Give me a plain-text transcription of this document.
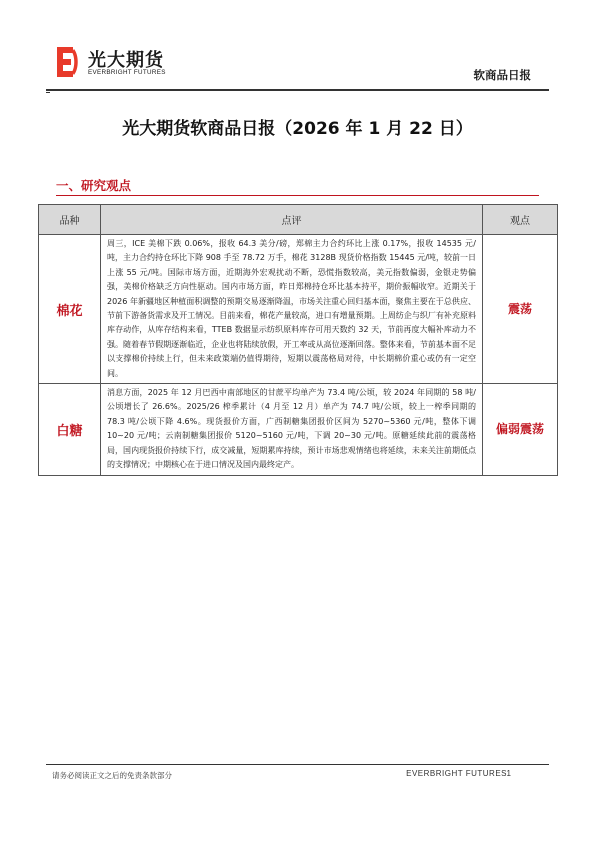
光大期货
EVERBRIGHT FUTURES	软商品日报
光大期货软商品日报（2026 年 1 月 22 日）
一、研究观点
品种	点评	观点
棉花	周三，ICE 美棉下跌 0.06%，报收 64.3 美分/磅，郑棉主力合约环比上涨 0.17%，报收 14535 元/吨，主力合约持仓环比下降 908 手至 78.72 万手，棉花 3128B 现货价格指数 15445 元/吨，较前一日上涨 55 元/吨。国际市场方面，近期海外宏观扰动不断，恐慌指数较高，美元指数偏弱，金银走势偏强，美棉价格缺乏方向性驱动。国内市场方面，昨日郑棉持仓环比基本持平，期价振幅收窄。近期关于 2026 年新疆地区种植面积调整的预期交易逐渐降温，市场关注重心回归基本面，聚焦主要在于总供应、节前下游备货需求及开工情况。目前来看，棉花产量较高，进口有增量预期。上周纺企与织厂有补充原料库存动作，从库存结构来看，TTEB 数据显示纺织原料库存可用天数约 32 天，节前再度大幅补库动力不强。随着春节假期逐渐临近，企业也将陆续放假，开工率或从高位逐渐回落。整体来看，节前基本面不足以支撑棉价持续上行，但未来政策端仍值得期待，短期以震荡格局对待，中长期棉价重心或仍有一定空间。	震荡
白糖	消息方面，2025 年 12 月巴西中南部地区的甘蔗平均单产为 73.4 吨/公顷，较 2024 年同期的 58 吨/公顷增长了 26.6%。2025/26 榨季累计（4 月至 12 月）单产为 74.7 吨/公顷，较上一榨季同期的 78.3 吨/公顷下降 4.6%。现货报价方面，广西制糖集团报价区间为 5270~5360 元/吨，整体下调 10~20 元/吨；云南制糖集团报价 5120~5160 元/吨，下调 20~30 元/吨。原糖延续此前的震荡格局，国内现货报价持续下行，成交减量，短期累库持续，预计市场悲观情绪也将延续，未来关注前期低点的支撑情况；中期核心在于进口情况及国内最终定产。	偏弱震荡
请务必阅读正文之后的免责条款部分	EVERBRIGHT FUTURES 1
